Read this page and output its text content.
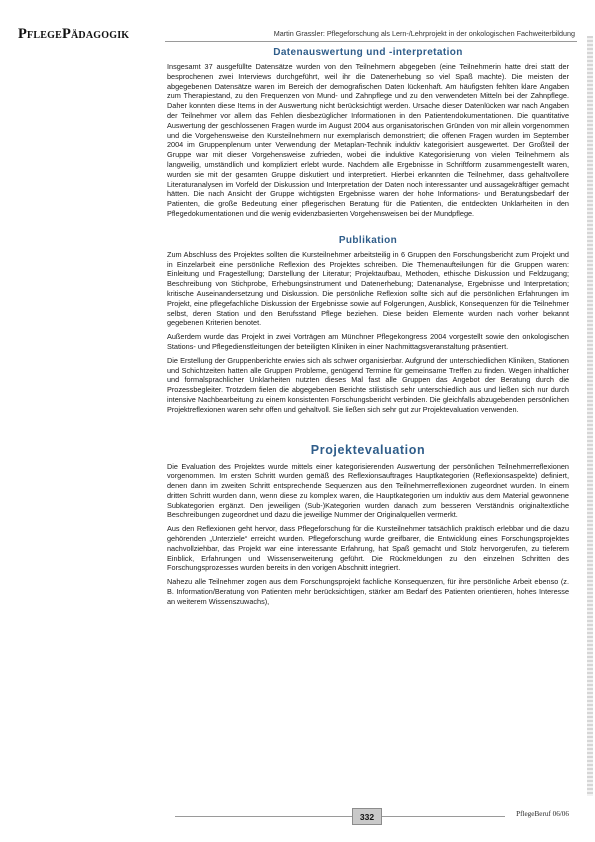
PflegePädagogik	Martin Grassler: Pflegeforschung als Lern-/Lehrprojekt in der onkologischen Fachweiterbildung
Datenauswertung und -interpretation

Insgesamt 37 ausgefüllte Datensätze wurden von den Teilnehmern abgegeben (eine Teilnehmerin hatte drei statt der besprochenen zwei Interviews durchgeführt, weil ihr die Datenerhebung so viel Spaß machte). Die meisten der abgegebenen Datensätze waren im Bereich der demografischen Daten lückenhaft. Am häufigsten fehlten klare Angaben zum Therapiestand, zu den Frequenzen von Mund- und Zahnpflege und zu den verwendeten Mitteln bei der Zahnpflege. Daher konnten diese Items in der Auswertung nicht berücksichtigt werden. Ursache dieser Datenlücken war nach Angaben der Teilnehmer vor allem das Fehlen diesbezüglicher Informationen in den Patientendokumentationen. Die quantitative Auswertung der geschlossenen Fragen wurde im August 2004 aus organisatorischen Gründen von mir allein vorgenommen und die Vorgehensweise den Kursteilnehmern nur exemplarisch demonstriert; die offenen Fragen wurden im September 2004 im Gruppenplenum unter Verwendung der Metaplan-Technik induktiv kategorisiert ausgewertet. Der Großteil der Gruppe war mit dieser Vorgehensweise zufrieden, wobei die induktive Kategorisierung von vielen Teilnehmern als langweilig, umständlich und kompliziert erlebt wurde. Nachdem alle Ergebnisse in Schriftform zusammengestellt waren, wurden sie mit der gesamten Gruppe diskutiert und interpretiert. Hierbei erkannten die Teilnehmer, dass gehaltvollere Literaturanalysen im Vorfeld der Diskussion und Interpretation der Daten noch interessanter und aussagekräftiger gemacht hätten. Die nach Ansicht der Gruppe wichtigsten Ergebnisse waren der hohe Informations- und Beratungsbedarf der Patienten, die große Bedeutung einer pflegerischen Beratung für die Patienten, die entdeckten Unklarheiten in den Pflegedokumentationen und die wenig evidenzbasierten Vorgehensweisen bei der Mundpflege.

Publikation

Zum Abschluss des Projektes sollten die Kursteilnehmer arbeitsteilig in 6 Gruppen den Forschungsbericht zum Projekt und in Einzelarbeit eine persönliche Reflexion des Projektes schreiben. Die Themenaufteilungen für die Gruppen waren: Einleitung und Fragestellung; Darstellung der Literatur; Projektaufbau, Methoden, ethische Diskussion und Feldzugang; Beschreibung von Stichprobe, Erhebungsinstrument und Datenerhebung; Datenanalyse, Ergebnisse und Interpretation; kritische Auseinandersetzung und Diskussion. Die persönliche Reflexion sollte sich auf die persönlichen Erfahrungen im Projekt, eine pflegefachliche Diskussion der Ergebnisse sowie auf Folgerungen, Ausblick, Konsequenzen für die Teilnehmer selbst, deren Station und den Berufsstand Pflege beziehen. Diese beiden Elemente wurden nach vorher bekannt gegebenen Kriterien benotet.

Außerdem wurde das Projekt in zwei Vorträgen am Münchner Pflegekongress 2004 vorgestellt sowie den onkologischen Stations- und Pflegedienstleitungen der beteiligten Kliniken in einer Nachmittagsveranstaltung präsentiert.

Die Erstellung der Gruppenberichte erwies sich als schwer organisierbar. Aufgrund der unterschiedlichen Kliniken, Stationen und Schichtzeiten hatten alle Gruppen Probleme, genügend Termine für gemeinsame Treffen zu finden. Wegen inhaltlicher und formalsprachlicher Unklarheiten nutzten dieses Mal fast alle Gruppen das Angebot der Beratung durch die Prozessbegleiter. Trotzdem fielen die abgegebenen Berichte stilistisch sehr unterschiedlich aus und ließen sich nur durch intensive Nachbearbeitung zu einem konsistenten Forschungsbericht verbinden. Die gleichfalls abzugebenden persönlichen Projektreflexionen waren sehr offen und gehaltvoll. Sie ließen sich sehr gut zur Projektevaluation verwenden.

Projektevaluation

Die Evaluation des Projektes wurde mittels einer kategorisierenden Auswertung der persönlichen Teilnehmerreflexionen vorgenommen. Im ersten Schritt wurden gemäß des Reflexionsauftrages Hauptkategorien (Reflexionsaspekte) definiert, denen dann im zweiten Schritt entsprechende Sequenzen aus den Teilnehmerreflexionen zugeordnet wurden. In einem dritten Schritt wurden dann, wenn diese zu komplex waren, die Hauptkategorien um induktiv aus dem Material gewonnene Subkategorien ergänzt. Den jeweiligen (Sub-)Kategorien wurden danach zum besseren Verständnis originaltextliche Beschreibungen zugeordnet und dazu die jeweilige Nummer der Originalquellen vermerkt.

Aus den Reflexionen geht hervor, dass Pflegeforschung für die Kursteilnehmer tatsächlich praktisch erlebbar und die dazu gehörenden „Unterziele“ erreicht wurden. Pflegeforschung wurde greifbarer, die Entwicklung eines Forschungsprojektes nachvollziehbar, das Projekt war eine interessante Erfahrung, hat Spaß gemacht und Stolz hervorgerufen, zu tieferem Einblick, Erfahrungen und Wissenserweiterung geführt. Die Rückmeldungen zu den einzelnen Schritten des Forschungsprozesses wurden bereits in den vorigen Abschnitt integriert.

Nahezu alle Teilnehmer zogen aus dem Forschungsprojekt fachliche Konsequenzen, für ihre persönliche Arbeit ebenso (z. B. Information/Beratung von Patienten mehr berücksichtigen, stärker am Bedarf des Patienten orientieren, hohes Interesse an weiterem Wissenszuwachs),

332	PflegeBeruf 06/06
